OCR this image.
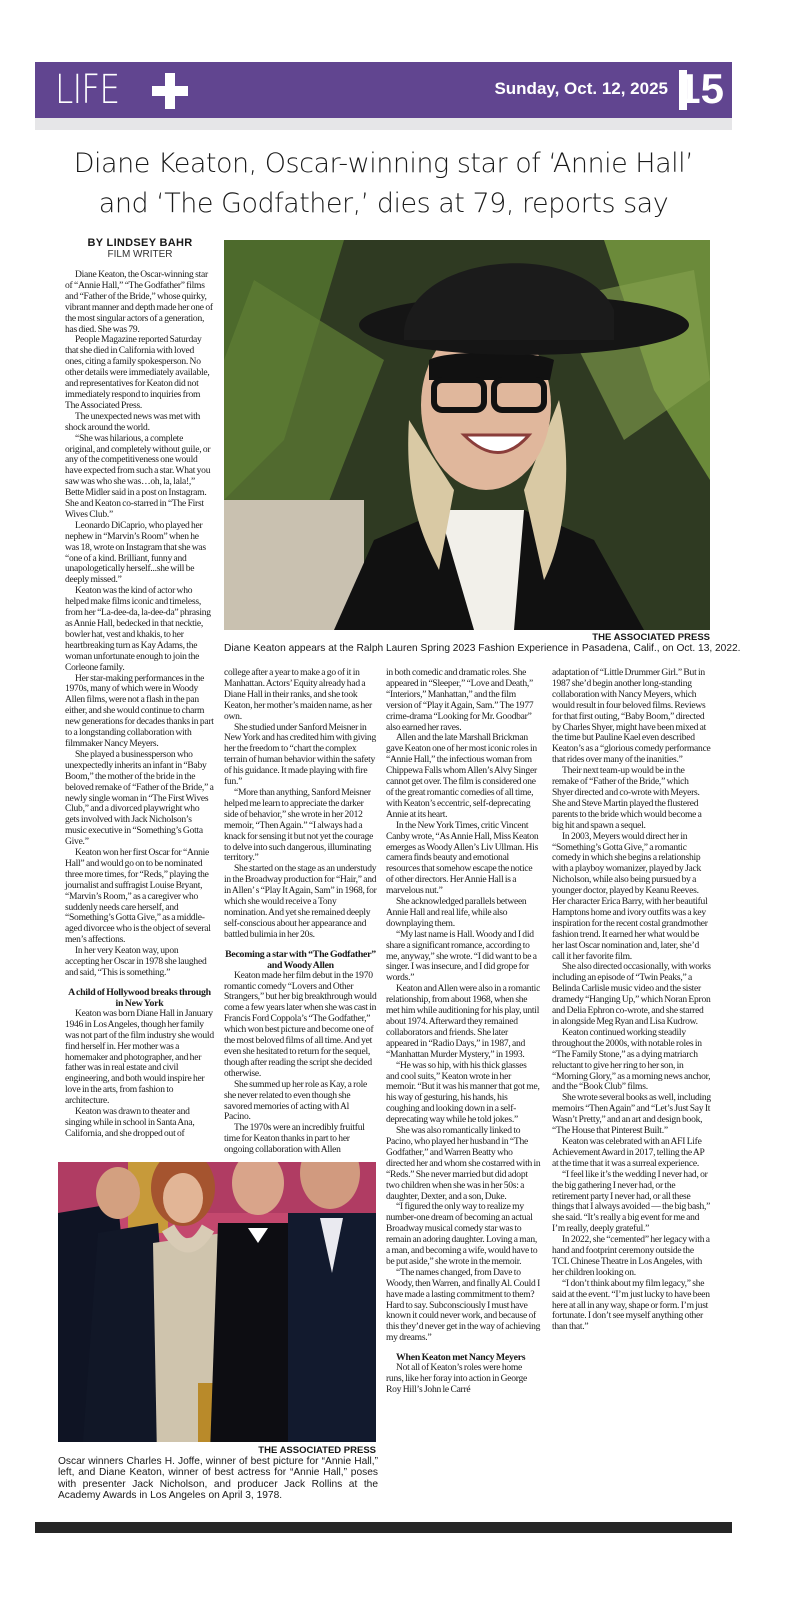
LIFE	Sunday, Oct. 12, 2025 15
Diane Keaton, Oscar-winning star of ‘Annie Hall’
and ‘The Godfather,’ dies at 79, reports say
BY LINDSEY BAHR
FILM WRITER

Diane Keaton, the Oscar-winning star of “Annie Hall,” “The Godfather” films and “Father of the Bride,” whose quirky, vibrant manner and depth made her one of the most singular actors of a generation, has died. She was 79.

People Magazine reported Saturday that she died in California with loved ones, citing a family spokesperson. No other details were immediately available, and representatives for Keaton did not immediately respond to inquiries from The Associated Press.

The unexpected news was met with shock around the world.

“She was hilarious, a complete original, and completely without guile, or any of the competitiveness one would have expected from such a star. What you saw was who she was…oh, la, lala!,” Bette Midler said in a post on Instagram. She and Keaton co-starred in “The First Wives Club.”

Leonardo DiCaprio, who played her nephew in “Marvin’s Room” when he was 18, wrote on Instagram that she was “one of a kind. Brilliant, funny and unapologetically herself...she will be deeply missed.”

Keaton was the kind of actor who helped make films iconic and timeless, from her “La-dee-da, la-dee-da” phrasing as Annie Hall, bedecked in that necktie, bowler hat, vest and khakis, to her heartbreaking turn as Kay Adams, the woman unfortunate enough to join the Corleone family.

Her star-making performances in the 1970s, many of which were in Woody Allen films, were not a flash in the pan either, and she would continue to charm new generations for decades thanks in part to a longstanding collaboration with filmmaker Nancy Meyers.

She played a businessperson who unexpectedly inherits an infant in “Baby Boom,” the mother of the bride in the beloved remake of “Father of the Bride,” a newly single woman in “The First Wives Club,” and a divorced playwright who gets involved with Jack Nicholson’s music executive in “Something’s Gotta Give.”

Keaton won her first Oscar for “Annie Hall” and would go on to be nominated three more times, for “Reds,” playing the journalist and suffragist Louise Bryant, “Marvin’s Room,” as a caregiver who suddenly needs care herself, and “Something’s Gotta Give,” as a middle-aged divorcee who is the object of several men’s affections.

In her very Keaton way, upon accepting her Oscar in 1978 she laughed and said, “This is something.”

A child of Hollywood breaks through in New York

Keaton was born Diane Hall in January 1946 in Los Angeles, though her family was not part of the film industry she would find herself in. Her mother was a homemaker and photographer, and her father was in real estate and civil engineering, and both would inspire her love in the arts, from fashion to architecture.

Keaton was drawn to theater and singing while in school in Santa Ana, California, and she dropped out of

THE ASSOCIATED PRESS
Diane Keaton appears at the Ralph Lauren Spring 2023 Fashion Experience in Pasadena, Calif., on Oct. 13, 2022.

college after a year to make a go of it in Manhattan. Actors’ Equity already had a Diane Hall in their ranks, and she took Keaton, her mother’s maiden name, as her own.

She studied under Sanford Meisner in New York and has credited him with giving her the freedom to “chart the complex terrain of human behavior within the safety of his guidance. It made playing with fire fun.”

“More than anything, Sanford Meisner helped me learn to appreciate the darker side of behavior,” she wrote in her 2012 memoir, “Then Again.” “I always had a knack for sensing it but not yet the courage to delve into such dangerous, illuminating territory.”

She started on the stage as an understudy in the Broadway production for “Hair,” and in Allen’ s “Play It Again, Sam” in 1968, for which she would receive a Tony nomination. And yet she remained deeply self-conscious about her appearance and battled bulimia in her 20s.

Becoming a star with “The Godfather” and Woody Allen

Keaton made her film debut in the 1970 romantic comedy “Lovers and Other Strangers,” but her big breakthrough would come a few years later when she was cast in Francis Ford Coppola’s “The Godfather,” which won best picture and become one of the most beloved films of all time. And yet even she hesitated to return for the sequel, though after reading the script she decided otherwise.

She summed up her role as Kay, a role she never related to even though she savored memories of acting with Al Pacino.

The 1970s were an incredibly fruitful time for Keaton thanks in part to her ongoing collaboration with Allen

THE ASSOCIATED PRESS
Oscar winners Charles H. Joffe, winner of best picture for “Annie Hall,” left, and Diane Keaton, winner of best actress for “Annie Hall,” poses with presenter Jack Nicholson, and producer Jack Rollins at the Academy Awards in Los Angeles on April 3, 1978.

in both comedic and dramatic roles. She appeared in “Sleeper,” “Love and Death,” “Interiors,” Manhattan,” and the film version of “Play it Again, Sam.” The 1977 crime-drama “Looking for Mr. Goodbar” also earned her raves.

Allen and the late Marshall Brickman gave Keaton one of her most iconic roles in “Annie Hall,” the infectious woman from Chippewa Falls whom Allen’s Alvy Singer cannot get over. The film is considered one of the great romantic comedies of all time, with Keaton’s eccentric, self-deprecating Annie at its heart.

In the New York Times, critic Vincent Canby wrote, “As Annie Hall, Miss Keaton emerges as Woody Allen’s Liv Ullman. His camera finds beauty and emotional resources that somehow escape the notice of other directors. Her Annie Hall is a marvelous nut.”

She acknowledged parallels between Annie Hall and real life, while also downplaying them.

“My last name is Hall. Woody and I did share a significant romance, according to me, anyway,” she wrote. “I did want to be a singer. I was insecure, and I did grope for words.”

Keaton and Allen were also in a romantic relationship, from about 1968, when she met him while auditioning for his play, until about 1974. Afterward they remained collaborators and friends. She later appeared in “Radio Days,” in 1987, and “Manhattan Murder Mystery,” in 1993.

“He was so hip, with his thick glasses and cool suits,” Keaton wrote in her memoir. “But it was his manner that got me, his way of gesturing, his hands, his coughing and looking down in a self-deprecating way while he told jokes.”

She was also romantically linked to Pacino, who played her husband in “The Godfather,” and Warren Beatty who directed her and whom she costarred with in “Reds.” She never married but did adopt two children when she was in her 50s: a daughter, Dexter, and a son, Duke.

“I figured the only way to realize my number-one dream of becoming an actual Broadway musical comedy star was to remain an adoring daughter. Loving a man, a man, and becoming a wife, would have to be put aside,” she wrote in the memoir.

“The names changed, from Dave to Woody, then Warren, and finally Al. Could I have made a lasting commitment to them? Hard to say. Subconsciously I must have known it could never work, and because of this they’d never get in the way of achieving my dreams.”

When Keaton met Nancy Meyers

Not all of Keaton’s roles were home runs, like her foray into action in George Roy Hill’s John le Carré

adaptation of “Little Drummer Girl.” But in 1987 she’d begin another long-standing collaboration with Nancy Meyers, which would result in four beloved films. Reviews for that first outing, “Baby Boom,” directed by Charles Shyer, might have been mixed at the time but Pauline Kael even described Keaton’s as a “glorious comedy performance that rides over many of the inanities.”

Their next team-up would be in the remake of “Father of the Bride,” which Shyer directed and co-wrote with Meyers. She and Steve Martin played the flustered parents to the bride which would become a big hit and spawn a sequel.

In 2003, Meyers would direct her in “Something’s Gotta Give,” a romantic comedy in which she begins a relationship with a playboy womanizer, played by Jack Nicholson, while also being pursued by a younger doctor, played by Keanu Reeves. Her character Erica Barry, with her beautiful Hamptons home and ivory outfits was a key inspiration for the recent costal grandmother fashion trend. It earned her what would be her last Oscar nomination and, later, she’d call it her favorite film.

She also directed occasionally, with works including an episode of “Twin Peaks,” a Belinda Carlisle music video and the sister dramedy “Hanging Up,” which Noran Epron and Delia Ephron co-wrote, and she starred in alongside Meg Ryan and Lisa Kudrow.

Keaton continued working steadily throughout the 2000s, with notable roles in “The Family Stone,” as a dying matriarch reluctant to give her ring to her son, in “Morning Glory,” as a morning news anchor, and the “Book Club” films.

She wrote several books as well, including memoirs “Then Again” and “Let’s Just Say It Wasn’t Pretty,” and an art and design book, “The House that Pinterest Built.”

Keaton was celebrated with an AFI Life Achievement Award in 2017, telling the AP at the time that it was a surreal experience.

“I feel like it’s the wedding I never had, or the big gathering I never had, or the retirement party I never had, or all these things that I always avoided — the big bash,” she said. “It’s really a big event for me and I’m really, deeply grateful.”

In 2022, she “cemented” her legacy with a hand and footprint ceremony outside the TCL Chinese Theatre in Los Angeles, with her children looking on.

“I don’t think about my film legacy,” she said at the event. “I’m just lucky to have been here at all in any way, shape or form. I’m just fortunate. I don’t see myself anything other than that.”
